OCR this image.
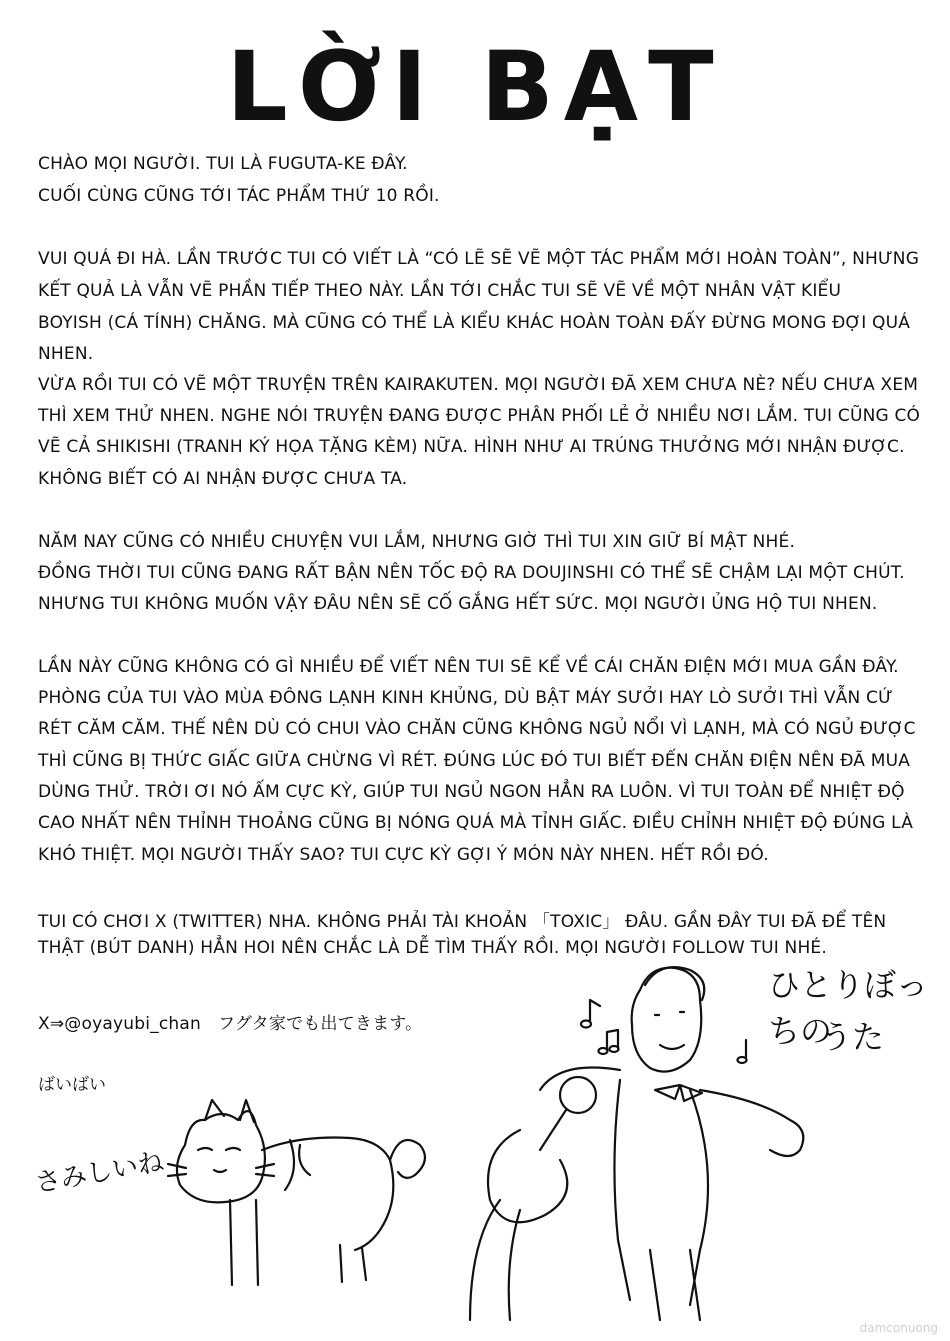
LỜI BẠT
CHÀO MỌI NGƯỜI. TUI LÀ FUGUTA-KE ĐÂY.
CUỐI CÙNG CŨNG TỚI TÁC PHẨM THỨ 10 RỒI.
VUI QUÁ ĐI HÀ. LẦN TRƯỚC TUI CÓ VIẾT LÀ “CÓ LẼ SẼ VẼ MỘT TÁC PHẨM MỚI HOÀN TOÀN”, NHƯNG
KẾT QUẢ LÀ VẪN VẼ PHẦN TIẾP THEO NÀY. LẦN TỚI CHẮC TUI SẼ VẼ VỀ MỘT NHÂN VẬT KIỂU
BOYISH (CÁ TÍNH) CHĂNG. MÀ CŨNG CÓ THỂ LÀ KIỂU KHÁC HOÀN TOÀN ĐẤY ĐỪNG MONG ĐỢI QUÁ
NHEN.
VỪA RỒI TUI CÓ VẼ MỘT TRUYỆN TRÊN KAIRAKUTEN. MỌI NGƯỜI ĐÃ XEM CHƯA NÈ? NẾU CHƯA XEM
THÌ XEM THỬ NHEN. NGHE NÓI TRUYỆN ĐANG ĐƯỢC PHÂN PHỐI LẺ Ở NHIỀU NƠI LẮM. TUI CŨNG CÓ
VẼ CẢ SHIKISHI (TRANH KÝ HỌA TẶNG KÈM) NỮA. HÌNH NHƯ AI TRÚNG THƯỞNG MỚI NHẬN ĐƯỢC.
KHÔNG BIẾT CÓ AI NHẬN ĐƯỢC CHƯA TA.
NĂM NAY CŨNG CÓ NHIỀU CHUYỆN VUI LẮM, NHƯNG GIỜ THÌ TUI XIN GIỮ BÍ MẬT NHÉ.
ĐỒNG THỜI TUI CŨNG ĐANG RẤT BẬN NÊN TỐC ĐỘ RA DOUJINSHI CÓ THỂ SẼ CHẬM LẠI MỘT CHÚT.
NHƯNG TUI KHÔNG MUỐN VẬY ĐÂU NÊN SẼ CỐ GẮNG HẾT SỨC. MỌI NGƯỜI ỦNG HỘ TUI NHEN.
LẦN NÀY CŨNG KHÔNG CÓ GÌ NHIỀU ĐỂ VIẾT NÊN TUI SẼ KỂ VỀ CÁI CHĂN ĐIỆN MỚI MUA GẦN ĐÂY.
PHÒNG CỦA TUI VÀO MÙA ĐÔNG LẠNH KINH KHỦNG, DÙ BẬT MÁY SƯỞI HAY LÒ SƯỞI THÌ VẪN CỨ
RÉT CĂM CĂM. THẾ NÊN DÙ CÓ CHUI VÀO CHĂN CŨNG KHÔNG NGỦ NỔI VÌ LẠNH, MÀ CÓ NGỦ ĐƯỢC
THÌ CŨNG BỊ THỨC GIẤC GIỮA CHỪNG VÌ RÉT. ĐÚNG LÚC ĐÓ TUI BIẾT ĐẾN CHĂN ĐIỆN NÊN ĐÃ MUA
DÙNG THỬ. TRỜI ƠI NÓ ẤM CỰC KỲ, GIÚP TUI NGỦ NGON HẲN RA LUÔN. VÌ TUI TOÀN ĐỂ NHIỆT ĐỘ
CAO NHẤT NÊN THỈNH THOẢNG CŨNG BỊ NÓNG QUÁ MÀ TỈNH GIẤC. ĐIỀU CHỈNH NHIỆT ĐỘ ĐÚNG LÀ
KHÓ THIỆT. MỌI NGƯỜI THẤY SAO? TUI CỰC KỲ GỢI Ý MÓN NÀY NHEN. HẾT RỒI ĐÓ.
TUI CÓ CHƠI X (TWITTER) NHA. KHÔNG PHẢI TÀI KHOẢN 「TOXIC」 ĐÂU. GẦN ĐÂY TUI ĐÃ ĐỂ TÊN
THẬT (BÚT DANH) HẲN HOI NÊN CHẮC LÀ DỄ TÌM THẤY RỒI. MỌI NGƯỜI FOLLOW TUI NHÉ.
X⇒@oyayubi_chan　フグタ家でも出てきます。
ばいばい
ひとりぼっちの
うた
さみしいね
damconuong
